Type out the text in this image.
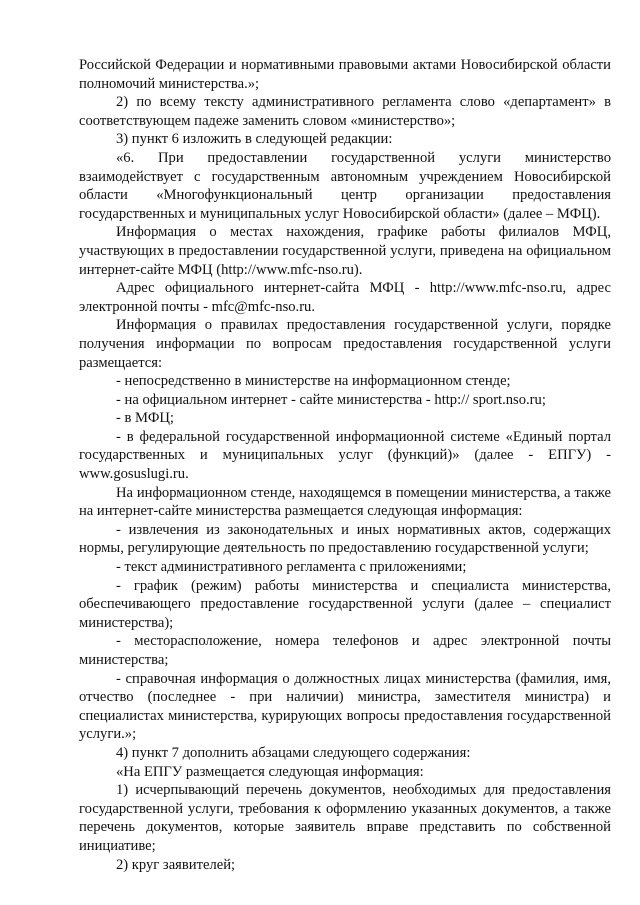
Российской Федерации и нормативными правовыми актами Новосибирской области полномочий министерства.»;

2) по всему тексту административного регламента слово «департамент» в соответствующем падеже заменить словом «министерство»;

3) пункт 6 изложить в следующей редакции:

«6. При предоставлении государственной услуги министерство взаимодействует с государственным автономным учреждением Новосибирской области «Многофункциональный центр организации предоставления государственных и муниципальных услуг Новосибирской области» (далее – МФЦ).

Информация о местах нахождения, графике работы филиалов МФЦ, участвующих в предоставлении государственной услуги, приведена на официальном интернет-сайте МФЦ (http://www.mfc-nso.ru).

Адрес официального интернет-сайта МФЦ - http://www.mfc-nso.ru, адрес электронной почты - mfc@mfc-nso.ru.

Информация о правилах предоставления государственной услуги, порядке получения информации по вопросам предоставления государственной услуги размещается:

- непосредственно в министерстве на информационном стенде;

- на официальном интернет - сайте министерства - http:// sport.nso.ru;

- в МФЦ;

- в федеральной государственной информационной системе «Единый портал государственных и муниципальных услуг (функций)» (далее - ЕПГУ) - www.gosuslugi.ru.

На информационном стенде, находящемся в помещении министерства, а также на интернет-сайте министерства размещается следующая информация:

- извлечения из законодательных и иных нормативных актов, содержащих нормы, регулирующие деятельность по предоставлению государственной услуги;

- текст административного регламента с приложениями;

- график (режим) работы министерства и специалиста министерства, обеспечивающего предоставление государственной услуги (далее – специалист министерства);

- месторасположение, номера телефонов и адрес электронной почты министерства;

- справочная информация о должностных лицах министерства (фамилия, имя, отчество (последнее - при наличии) министра, заместителя министра) и специалистах министерства, курирующих вопросы предоставления государственной услуги.»;

4) пункт 7 дополнить абзацами следующего содержания:

«На ЕПГУ размещается следующая информация:

1) исчерпывающий перечень документов, необходимых для предоставления государственной услуги, требования к оформлению указанных документов, а также перечень документов, которые заявитель вправе представить по собственной инициативе;

2) круг заявителей;
